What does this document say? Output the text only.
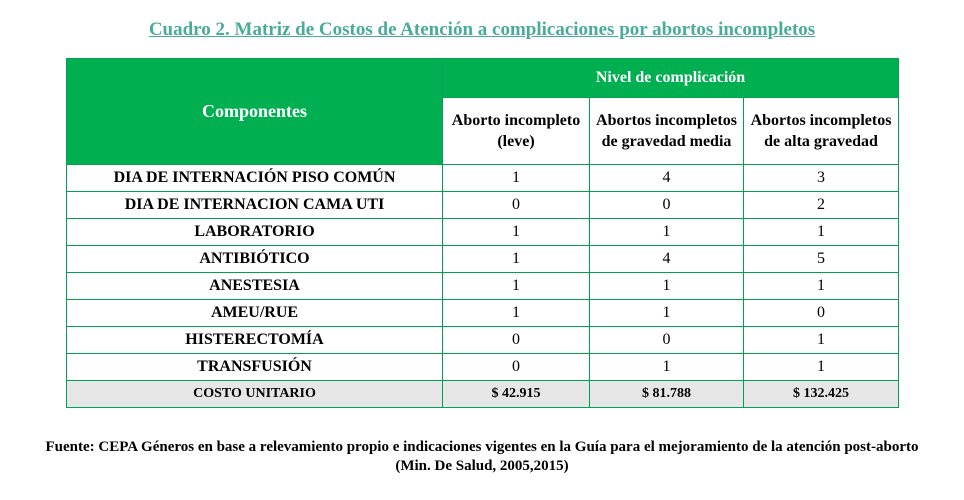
Cuadro 2. Matriz de Costos de Atención a complicaciones por abortos incompletos
Componentes	Nivel de complicación		
	Aborto incompleto (leve)	Abortos incompletos de gravedad media	Abortos incompletos de alta gravedad
DIA DE INTERNACIÓN PISO COMÚN	1	4	3
DIA DE INTERNACION CAMA UTI	0	0	2
LABORATORIO	1	1	1
ANTIBIÓTICO	1	4	5
ANESTESIA	1	1	1
AMEU/RUE	1	1	0
HISTERECTOMÍA	0	0	1
TRANSFUSIÓN	0	1	1
COSTO UNITARIO	$ 42.915	$ 81.788	$ 132.425
Fuente: CEPA Géneros en base a relevamiento propio e indicaciones vigentes en la Guía para el mejoramiento de la atención post-aborto (Min. De Salud, 2005,2015)
